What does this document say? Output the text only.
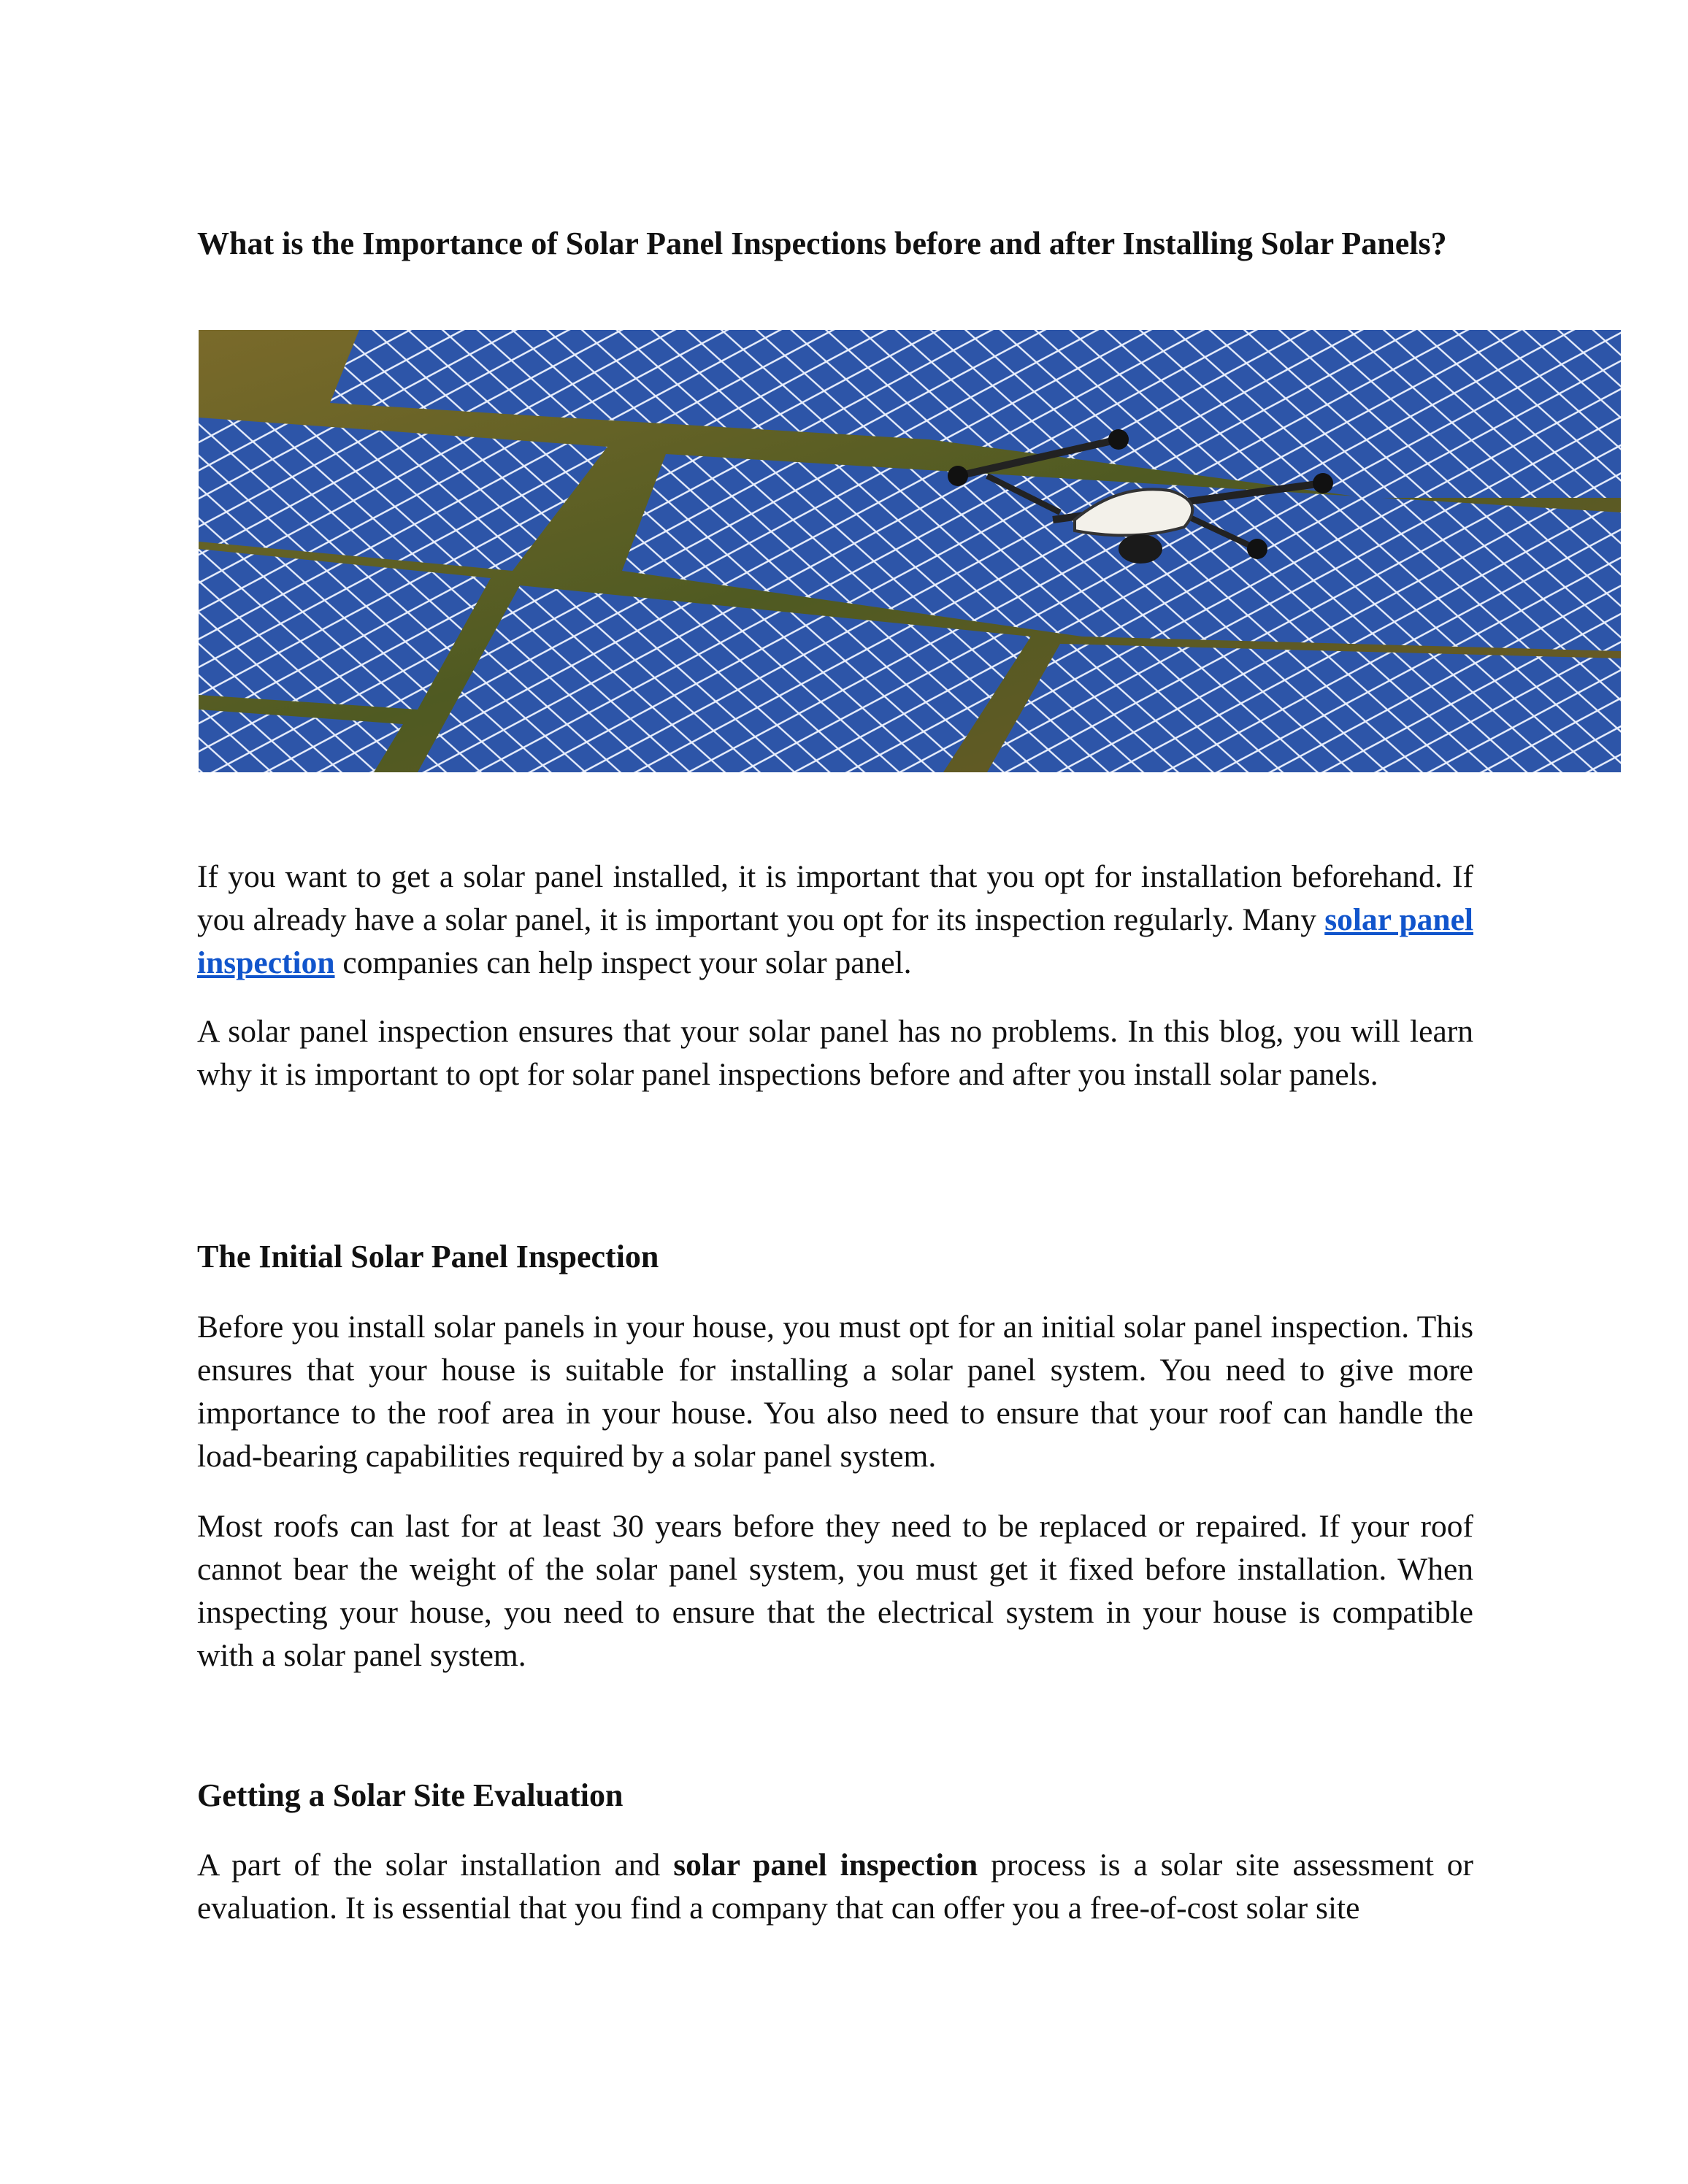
What is the Importance of Solar Panel Inspections before and after Installing Solar Panels?

If you want to get a solar panel installed, it is important that you opt for installation beforehand. If you already have a solar panel, it is important you opt for its inspection regularly. Many solar panel inspection companies can help inspect your solar panel.

A solar panel inspection ensures that your solar panel has no problems. In this blog, you will learn why it is important to opt for solar panel inspections before and after you install solar panels.

The Initial Solar Panel Inspection

Before you install solar panels in your house, you must opt for an initial solar panel inspection. This ensures that your house is suitable for installing a solar panel system. You need to give more importance to the roof area in your house. You also need to ensure that your roof can handle the load-bearing capabilities required by a solar panel system.

Most roofs can last for at least 30 years before they need to be replaced or repaired. If your roof cannot bear the weight of the solar panel system, you must get it fixed before installation. When inspecting your house, you need to ensure that the electrical system in your house is compatible with a solar panel system.

Getting a Solar Site Evaluation

A part of the solar installation and solar panel inspection process is a solar site assessment or evaluation. It is essential that you find a company that can offer you a free-of-cost solar site
